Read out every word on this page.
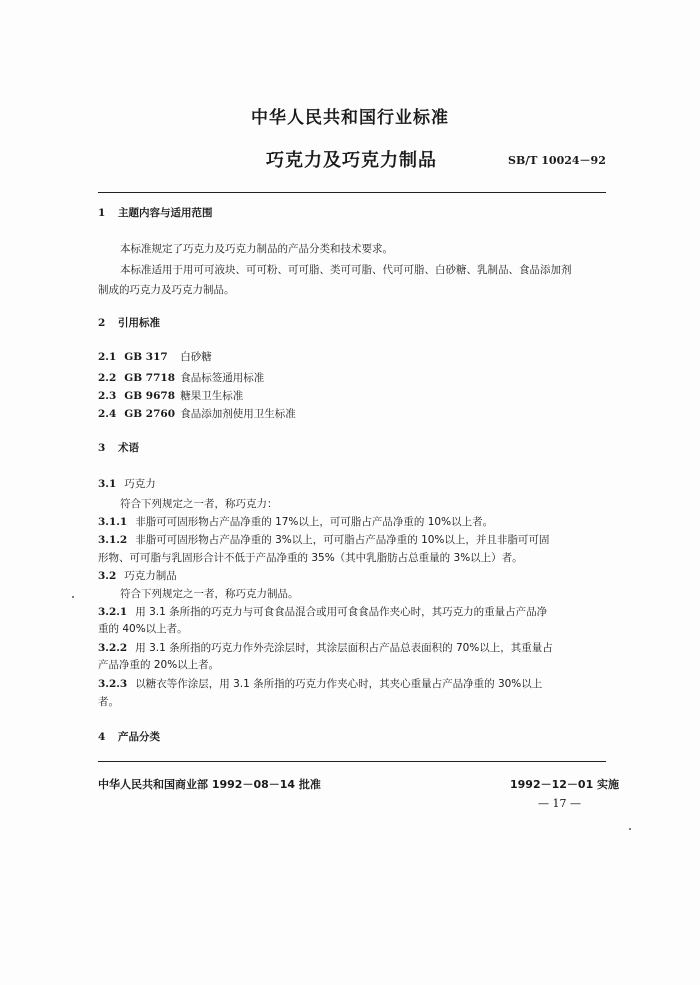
中华人民共和国行业标准
巧克力及巧克力制品	SB/T 10024－92
1 主题内容与适用范围
本标准规定了巧克力及巧克力制品的产品分类和技术要求。
本标准适用于用可可液块、可可粉、可可脂、类可可脂、代可可脂、白砂糖、乳制品、食品添加剂
制成的巧克力及巧克力制品。
2 引用标准
2.1 GB 317 白砂糖
2.2 GB 7718 食品标签通用标准
2.3 GB 9678 糖果卫生标准
2.4 GB 2760 食品添加剂使用卫生标准
3 术语
3.1 巧克力
符合下列规定之一者，称巧克力：
3.1.1 非脂可可固形物占产品净重的 17%以上，可可脂占产品净重的 10%以上者。
3.1.2 非脂可可固形物占产品净重的 3%以上，可可脂占产品净重的 10%以上，并且非脂可可固
形物、可可脂与乳固形合计不低于产品净重的 35%（其中乳脂肪占总重量的 3%以上）者。
3.2 巧克力制品
符合下列规定之一者，称巧克力制品。
3.2.1 用 3.1 条所指的巧克力与可食食品混合或用可食食品作夹心时，其巧克力的重量占产品净
重的 40%以上者。
3.2.2 用 3.1 条所指的巧克力作外壳涂层时，其涂层面积占产品总表面积的 70%以上，其重量占
产品净重的 20%以上者。
3.2.3 以糖衣等作涂层，用 3.1 条所指的巧克力作夹心时，其夹心重量占产品净重的 30%以上
者。
4 产品分类
中华人民共和国商业部 1992－08－14 批准	1992－12－01 实施
— 17 —
